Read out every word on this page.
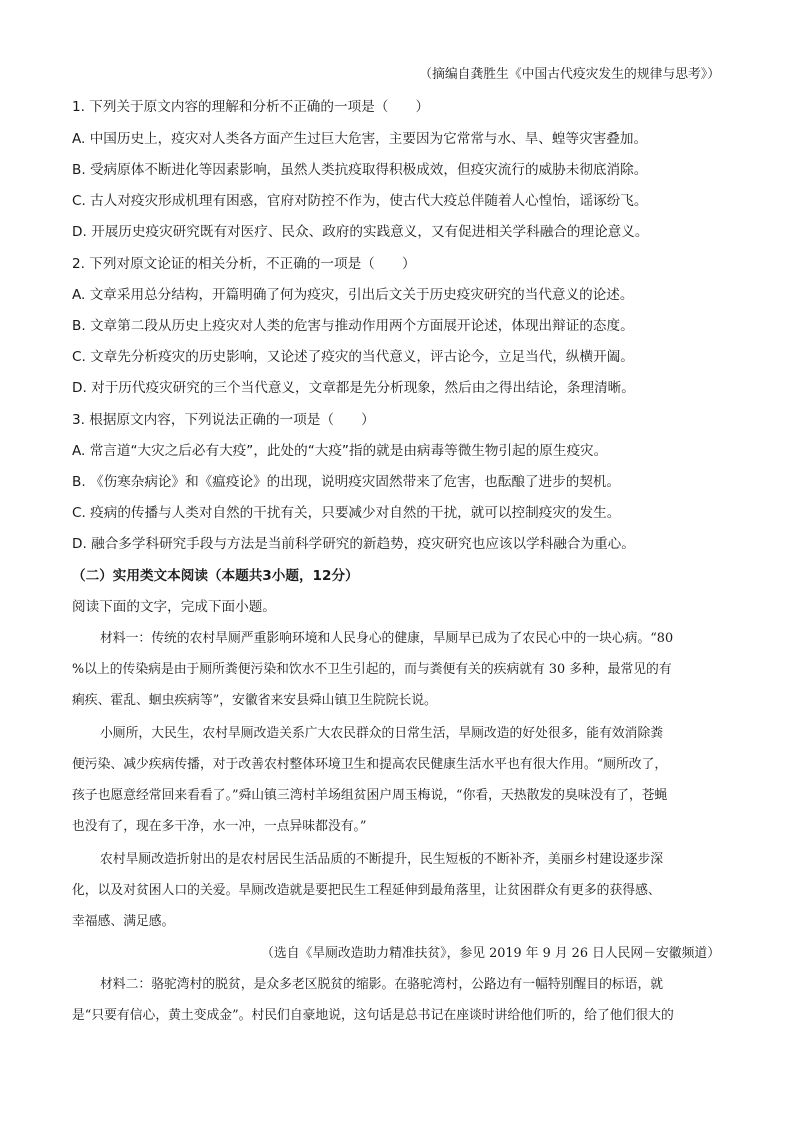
（摘编自龚胜生《中国古代疫灾发生的规律与思考》）
1. 下列关于原文内容的理解和分析不正确的一项是（　　）
A. 中国历史上，疫灾对人类各方面产生过巨大危害，主要因为它常常与水、旱、蝗等灾害叠加。
B. 受病原体不断进化等因素影响，虽然人类抗疫取得积极成效，但疫灾流行的威胁未彻底消除。
C. 古人对疫灾形成机理有困惑，官府对防控不作为，使古代大疫总伴随着人心惶怡，谣诼纷飞。
D. 开展历史疫灾研究既有对医疗、民众、政府的实践意义，又有促进相关学科融合的理论意义。
2. 下列对原文论证的相关分析，不正确的一项是（　　）
A. 文章采用总分结构，开篇明确了何为疫灾，引出后文关于历史疫灾研究的当代意义的论述。
B. 文章第二段从历史上疫灾对人类的危害与推动作用两个方面展开论述，体现出辩证的态度。
C. 文章先分析疫灾的历史影响，又论述了疫灾的当代意义，评古论今，立足当代，纵横开阖。
D. 对于历代疫灾研究的三个当代意义，文章都是先分析现象，然后由之得出结论，条理清晰。
3. 根据原文内容，下列说法正确的一项是（　　）
A. 常言道“大灾之后必有大疫”，此处的“大疫”指的就是由病毒等微生物引起的原生疫灾。
B. 《伤寒杂病论》和《瘟疫论》的出现，说明疫灾固然带来了危害，也酝酿了进步的契机。
C. 疫病的传播与人类对自然的干扰有关，只要减少对自然的干扰，就可以控制疫灾的发生。
D. 融合多学科研究手段与方法是当前科学研究的新趋势，疫灾研究也应该以学科融合为重心。
（二）实用类文本阅读（本题共3小题，12分）
阅读下面的文字，完成下面小题。
材料一：传统的农村旱厕严重影响环境和人民身心的健康，旱厕早已成为了农民心中的一块心病。“80
%以上的传染病是由于厕所粪便污染和饮水不卫生引起的，而与粪便有关的疾病就有 30 多种，最常见的有
痢疾、霍乱、蛔虫疾病等”，安徽省来安县舜山镇卫生院院长说。
小厕所，大民生，农村旱厕改造关系广大农民群众的日常生活，旱厕改造的好处很多，能有效消除粪
便污染、减少疾病传播，对于改善农村整体环境卫生和提高农民健康生活水平也有很大作用。“厕所改了，
孩子也愿意经常回来看看了。”舜山镇三湾村羊场组贫困户周玉梅说，“你看，天热散发的臭味没有了，苍蝇
也没有了，现在多干净，水一冲，一点异味都没有。”
农村旱厕改造折射出的是农村居民生活品质的不断提升，民生短板的不断补齐，美丽乡村建设逐步深
化，以及对贫困人口的关爱。旱厕改造就是要把民生工程延伸到最角落里，让贫困群众有更多的获得感、
幸福感、满足感。
（选自《旱厕改造助力精准扶贫》，参见 2019 年 9 月 26 日人民网－安徽频道）
材料二：骆驼湾村的脱贫，是众多老区脱贫的缩影。在骆驼湾村，公路边有一幅特别醒目的标语，就
是“只要有信心，黄土变成金”。村民们自豪地说，这句话是总书记在座谈时讲给他们听的，给了他们很大的
